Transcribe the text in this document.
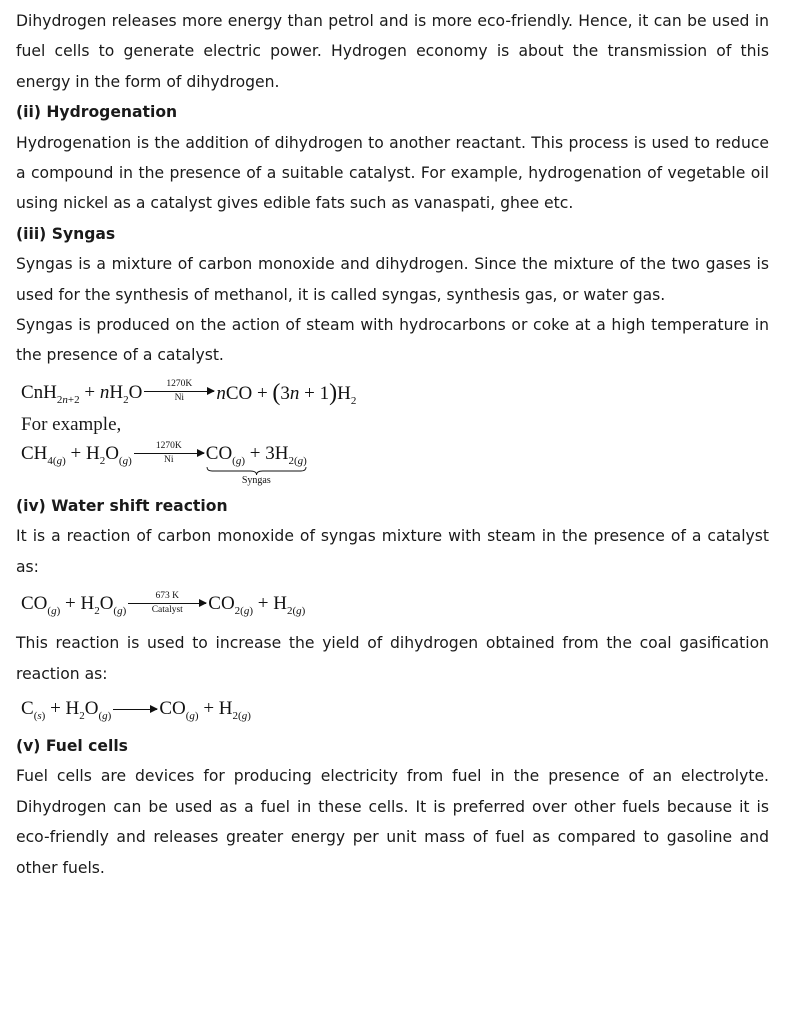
Dihydrogen releases more energy than petrol and is more eco-friendly. Hence, it can be used in fuel cells to generate electric power. Hydrogen economy is about the transmission of this energy in the form of dihydrogen.

(ii) Hydrogenation

Hydrogenation is the addition of dihydrogen to another reactant. This process is used to reduce a compound in the presence of a suitable catalyst. For example, hydrogenation of vegetable oil using nickel as a catalyst gives edible fats such as vanaspati, ghee etc.

(iii) Syngas

Syngas is a mixture of carbon monoxide and dihydrogen. Since the mixture of the two gases is used for the synthesis of methanol, it is called syngas, synthesis gas, or water gas.

Syngas is produced on the action of steam with hydrocarbons or coke at a high temperature in the presence of a catalyst.

$CnH_{2n+2} + nH_2O$	1270K
Ni nCO + $(3n + 1)H_2$
For example,
$CH_{4(g)} + H_2O_{(g)}$
1270K
Ni $CO_{(g)} + 3H_{2(g)}$
Syngas
(iv) Water shift reaction

It is a reaction of carbon monoxide of syngas mixture with steam in the presence of a catalyst as:

$CO_{(g)} + H_2O_{(g)}$
673 K
Catalyst $CO_{2(g)} + H_{2(g)}$

This reaction is used to increase the yield of dihydrogen obtained from the coal gasification reaction as:

$C_{(s)} + H_2O_{(g)} \to CO_{(g)} + H_{2(g)}$
(v) Fuel cells

Fuel cells are devices for producing electricity from fuel in the presence of an electrolyte. Dihydrogen can be used as a fuel in these cells. It is preferred over other fuels because it is eco-friendly and releases greater energy per unit mass of fuel as compared to gasoline and other fuels.
